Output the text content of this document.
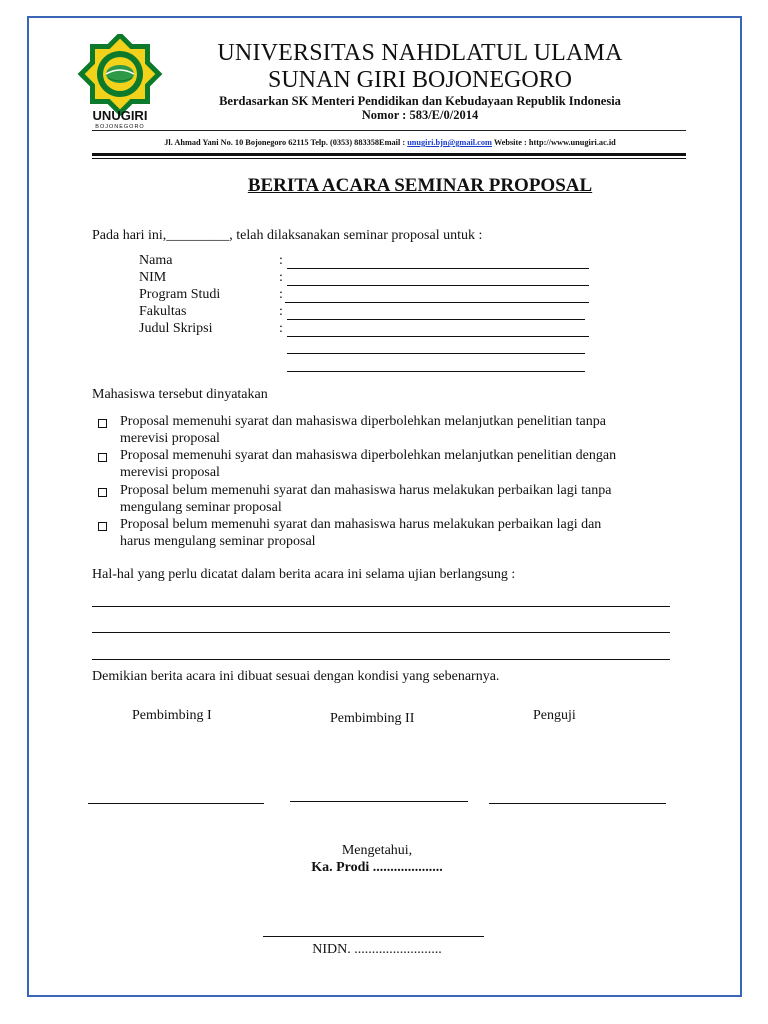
UNUGIRI
BOJONEGORO
UNIVERSITAS NAHDLATUL ULAMA
SUNAN GIRI BOJONEGORO
Berdasarkan SK Menteri Pendidikan dan Kebudayaan Republik Indonesia
Nomor : 583/E/0/2014
Jl. Ahmad Yani No. 10 Bojonegoro 62115 Telp. (0353) 883358Email : unugiri.bjn@gmail.com Website : http://www.unugiri.ac.id
BERITA ACARA SEMINAR PROPOSAL
Pada hari ini,_________, telah dilaksanakan seminar proposal untuk :
Nama	:
NIM	:
Program Studi	:
Fakultas	:
Judul Skripsi	:
Mahasiswa tersebut dinyatakan
Proposal memenuhi syarat dan mahasiswa diperbolehkan melanjutkan penelitian tanpa
merevisi proposal
Proposal memenuhi syarat dan mahasiswa diperbolehkan melanjutkan penelitian dengan
merevisi proposal
Proposal belum memenuhi syarat dan mahasiswa harus melakukan perbaikan lagi tanpa
mengulang seminar proposal
Proposal belum memenuhi syarat dan mahasiswa harus melakukan perbaikan lagi dan
harus mengulang seminar proposal
Hal-hal yang perlu dicatat dalam berita acara ini selama ujian berlangsung :
Demikian berita acara ini dibuat sesuai dengan kondisi yang sebenarnya.
Pembimbing I	Pembimbing II	Penguji
Mengetahui,
Ka. Prodi ....................
NIDN. .........................
